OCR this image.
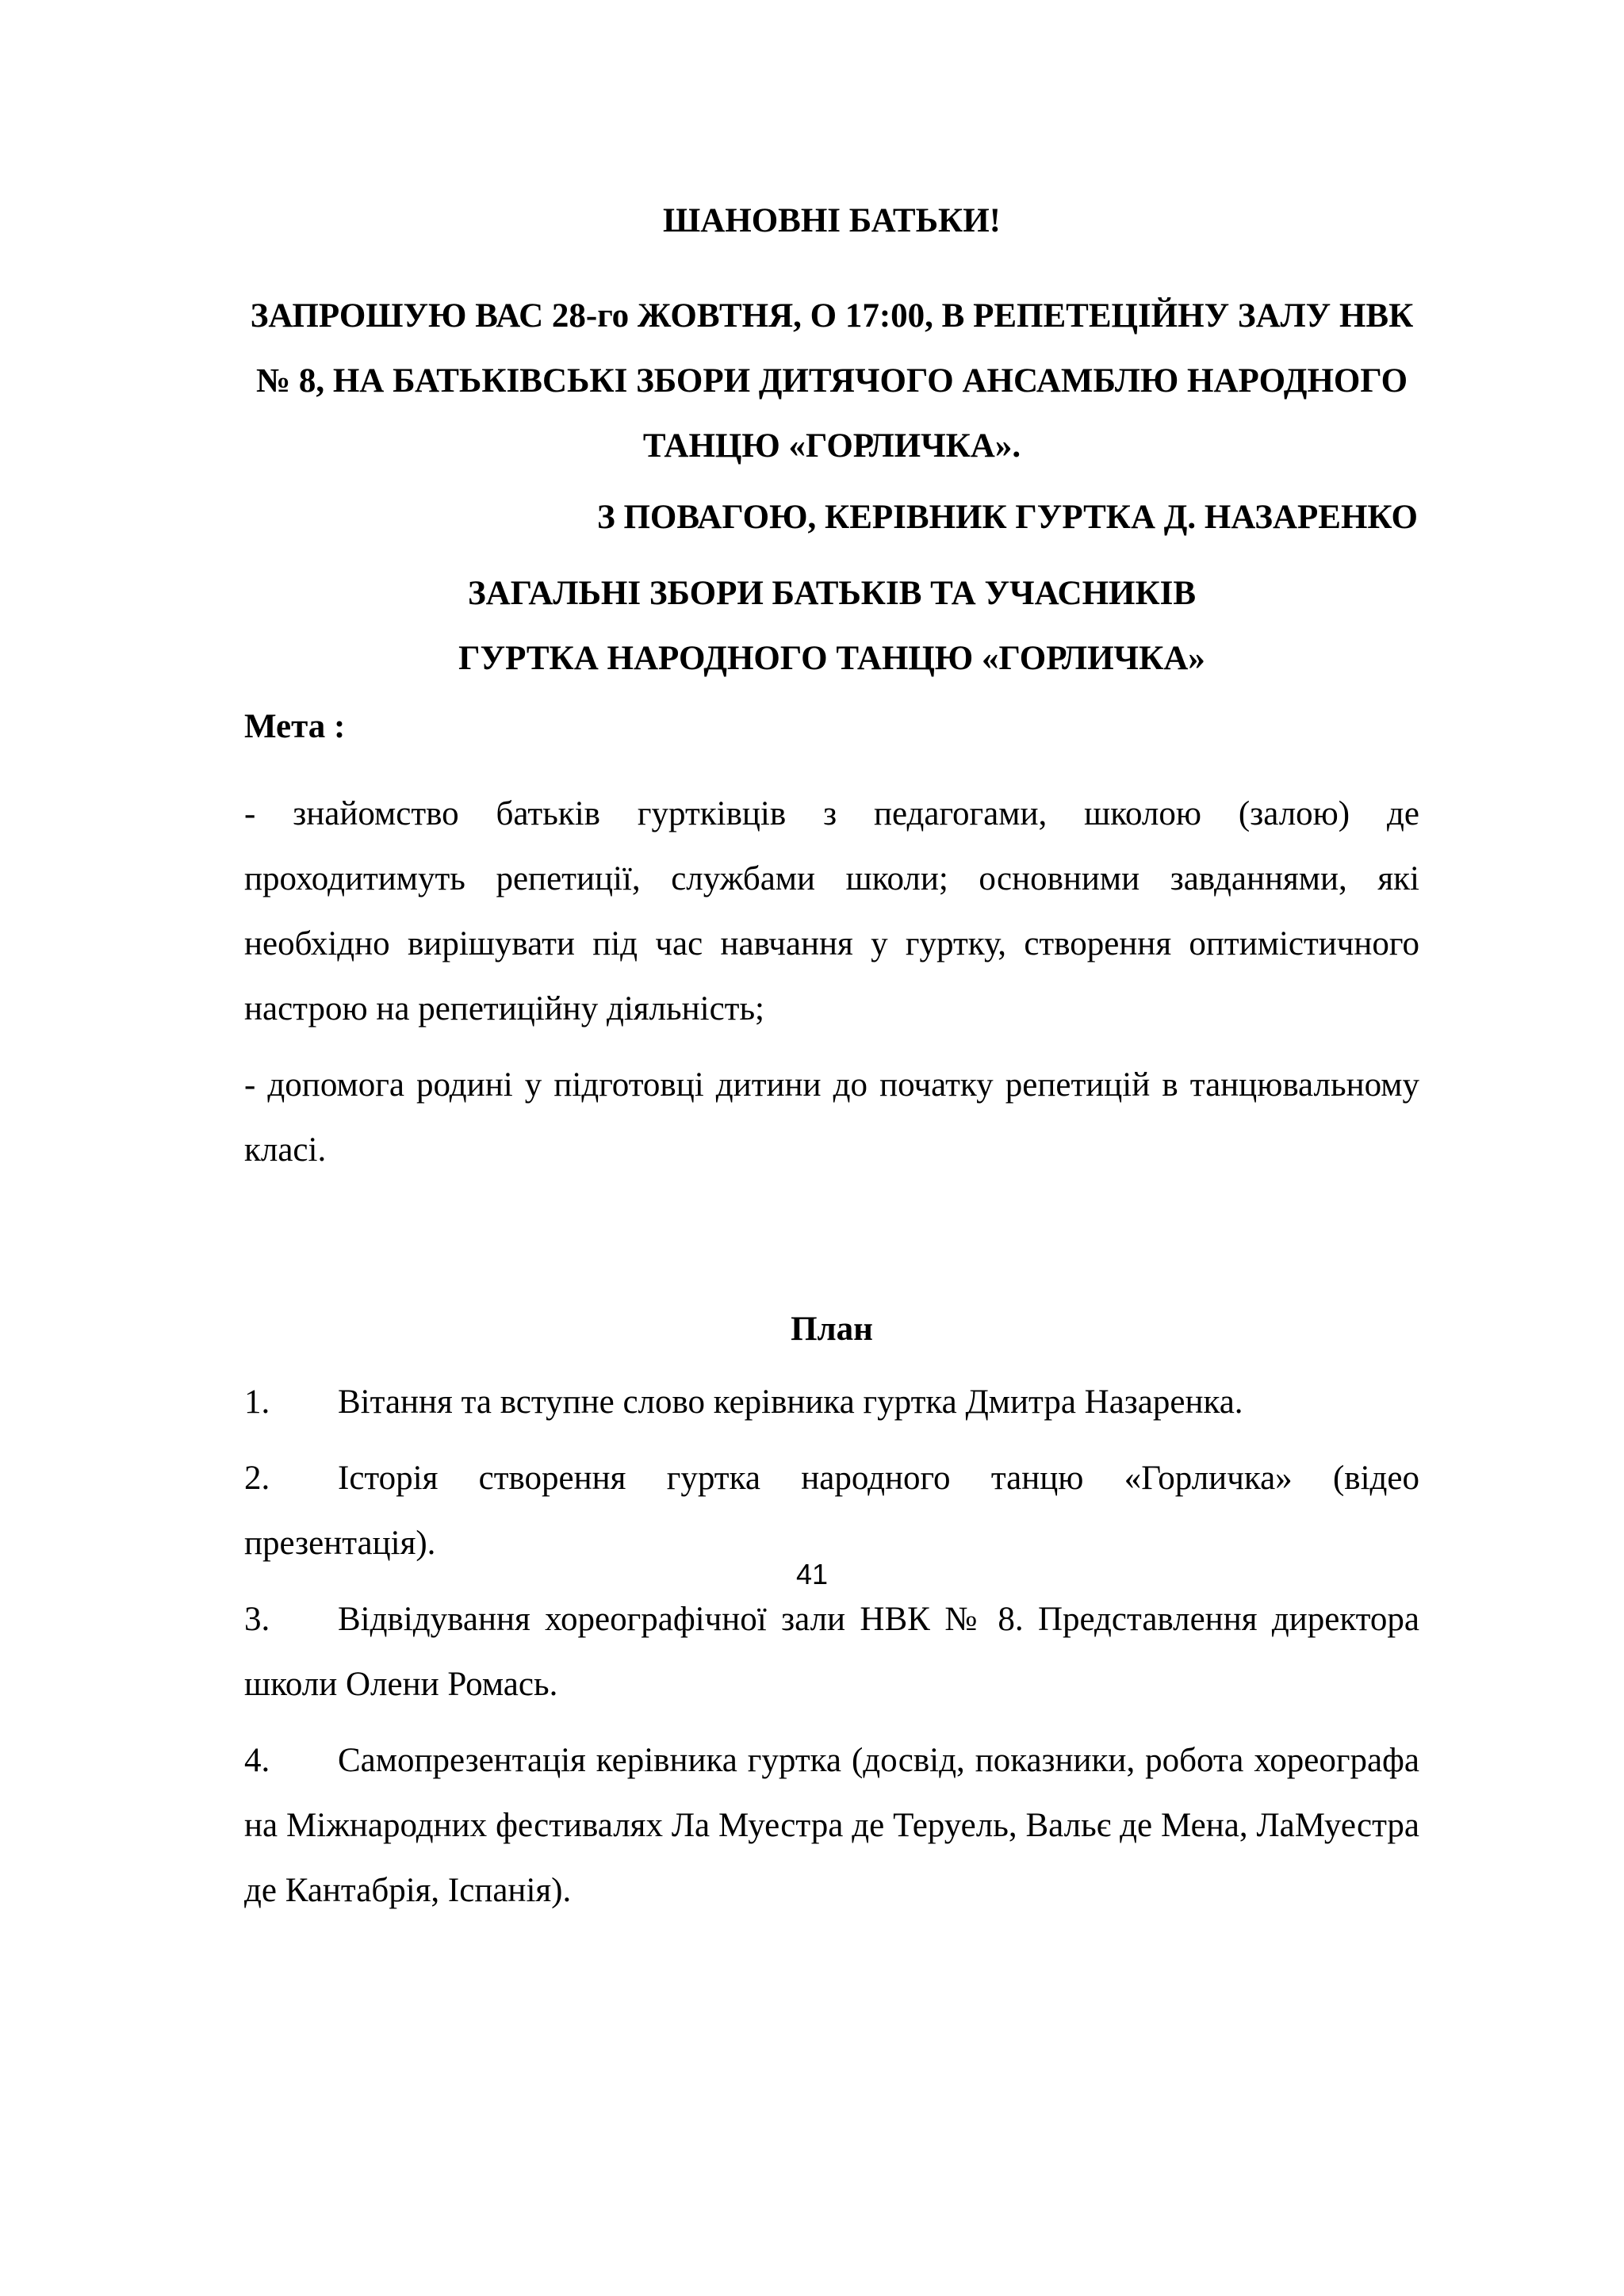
ШАНОВНІ БАТЬКИ!

ЗАПРОШУЮ ВАС 28-го ЖОВТНЯ, О 17:00, В РЕПЕТЕЦІЙНУ ЗАЛУ НВК № 8, НА БАТЬКІВСЬКІ ЗБОРИ ДИТЯЧОГО АНСАМБЛЮ НАРОДНОГО ТАНЦЮ «ГОРЛИЧКА».

З ПОВАГОЮ, КЕРІВНИК ГУРТКА Д. НАЗАРЕНКО

ЗАГАЛЬНІ ЗБОРИ БАТЬКІВ ТА УЧАСНИКІВ

ГУРТКА НАРОДНОГО ТАНЦЮ «ГОРЛИЧКА»

Мета :

- знайомство батьків гуртківців з педагогами, школою (залою) де проходитимуть репетиції, службами школи; основними завданнями, які необхідно вирішувати під час навчання у гуртку, створення оптимістичного настрою на репетиційну діяльність;

- допомога родині у підготовці дитини до початку репетицій в танцювальному класі.

План

1. Вітання та вступне слово керівника гуртка Дмитра Назаренка.

2. Історія створення гуртка народного танцю «Горличка» (відео презентація).

3. Відвідування хореографічної зали НВК № 8. Представлення директора школи Олени Ромась.

4. Самопрезентація керівника гуртка (досвід, показники, робота хореографа на Міжнародних фестивалях Ла Муестра де Теруель, Вальє де Мена, ЛаМуестра де Кантабрія, Іспанія).

41
